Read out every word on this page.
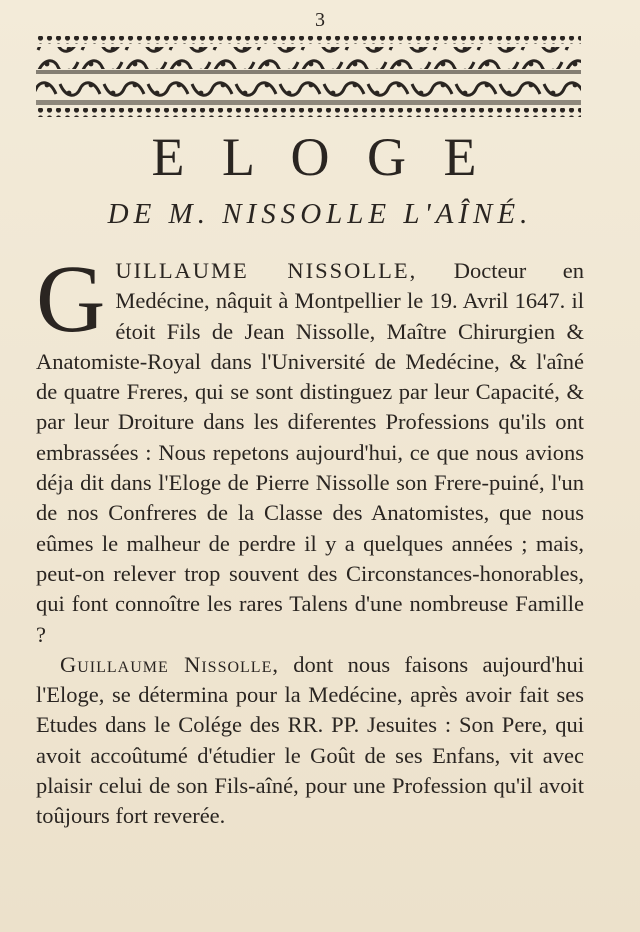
3
E L O G E
DE M. NISSOLLE L'AÎNÉ.

GUILLAUME NISSOLLE, Docteur en Medécine, nâquit à Montpellier le 19. Avril 1647. il étoit Fils de Jean Nissolle, Maître Chirurgien & Anatomiste-Royal dans l'Université de Medécine, & l'aîné de quatre Freres, qui se sont distinguez par leur Capacité, & par leur Droiture dans les diferentes Professions qu'ils ont embrassées : Nous repetons aujourd'hui, ce que nous avions déja dit dans l'Eloge de Pierre Nissolle son Frere-puiné, l'un de nos Confreres de la Classe des Anatomistes, que nous eûmes le malheur de perdre il y a quelques années ; mais, peut-on relever trop souvent des Circonstances-honorables, qui font connoître les rares Talens d'une nombreuse Famille ?

Guillaume Nissolle, dont nous faisons aujourd'hui l'Eloge, se détermina pour la Medécine, après avoir fait ses Etudes dans le Colége des RR. PP. Jesuites : Son Pere, qui avoit accoûtumé d'étudier le Goût de ses Enfans, vit avec plaisir celui de son Fils-aîné, pour une Profession qu'il avoit toûjours fort reverée.
